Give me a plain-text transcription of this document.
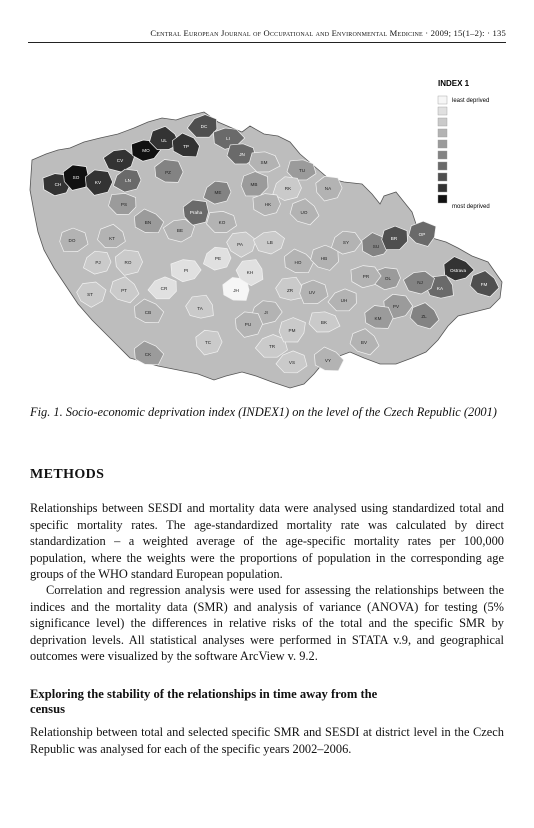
Central European Journal of Occupational and Environmental Medicine · 2009; 15(1–2): · 135
CH
SO
KV
CV
LN
MO
UL
TP
DC
LI
JN
SM
TU
NA
RK
MB
ME
PZ
PS
Praha
KO
BE
BN
HK
PA	LB
UO
SU
BR
OP
Ostrava
FM
KA
NJ
OL
PR
PV
ZL
KM
PI
CB
CK
TA
JH
JI
TR
BK
VY
BV
HO
UH
ZR
HB
KH
TC
RO
PJ
DO	KT
ST
PT	CR
PE
PU
PM
UV
SY
VS
INDEX 1
least deprived
most deprived
Fig. 1. Socio-economic deprivation index (INDEX1) on the level of the Czech Republic (2001)
METHODS

Relationships between SESDI and mortality data were analysed using standardized total and specific mortality rates. The age-standardized mortality rate was calculated by direct standardization – a weighted average of the age-specific mortality rates per 100,000 population, where the weights were the proportions of population in the corresponding age groups of the WHO standard European population.

Correlation and regression analysis were used for assessing the relationships between the indices and the mortality data (SMR) and analysis of variance (ANOVA) for testing (5% significance level) the differences in relative risks of the total and the specific SMR by deprivation levels. All statistical analyses were performed in STATA v.9, and geographical outcomes were visualized by the software ArcView v. 9.2.

Exploring the stability of the relationships in time away from the census

Relationship between total and selected specific SMR and SESDI at district level in the Czech Republic was analysed for each of the specific years 2002–2006.
